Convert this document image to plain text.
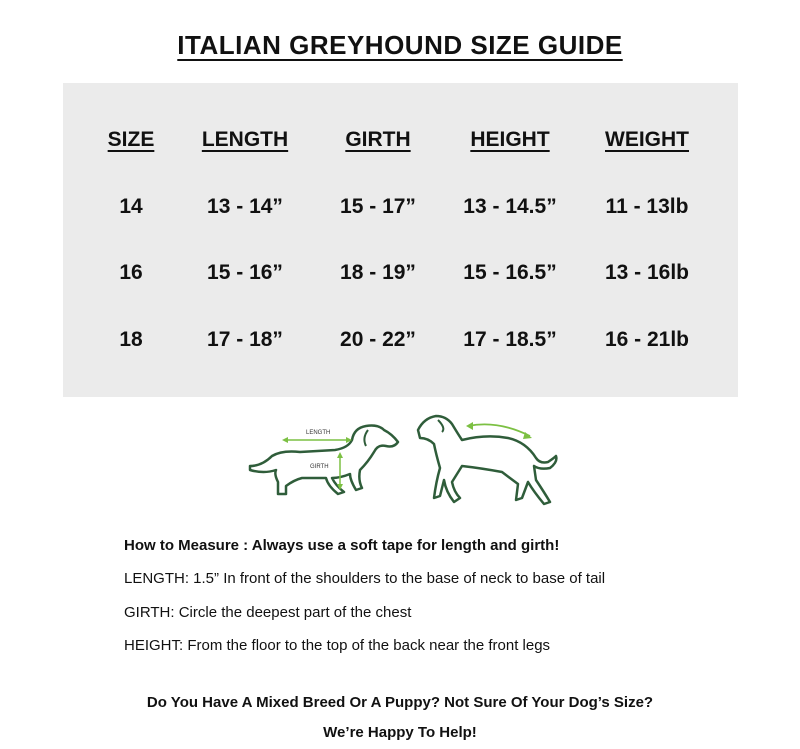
ITALIAN GREYHOUND SIZE GUIDE
SIZE	LENGTH	GIRTH	HEIGHT	WEIGHT
14	13 - 14”	15 - 17”	13 - 14.5”	11 - 13lb
16	15 - 16”	18 - 19”	15 - 16.5”	13 - 16lb
18	17 - 18”	20 - 22”	17 - 18.5”	16 - 21lb
LENGTH
GIRTH
How to Measure : Always use a soft tape for length and girth!
LENGTH: 1.5” In front of the shoulders to the base of neck to base of tail
GIRTH: Circle the deepest part of the chest
HEIGHT: From the floor to the top of the back near the front legs
Do You Have A Mixed Breed Or A Puppy? Not Sure Of Your Dog’s Size?
We’re Happy To Help!
